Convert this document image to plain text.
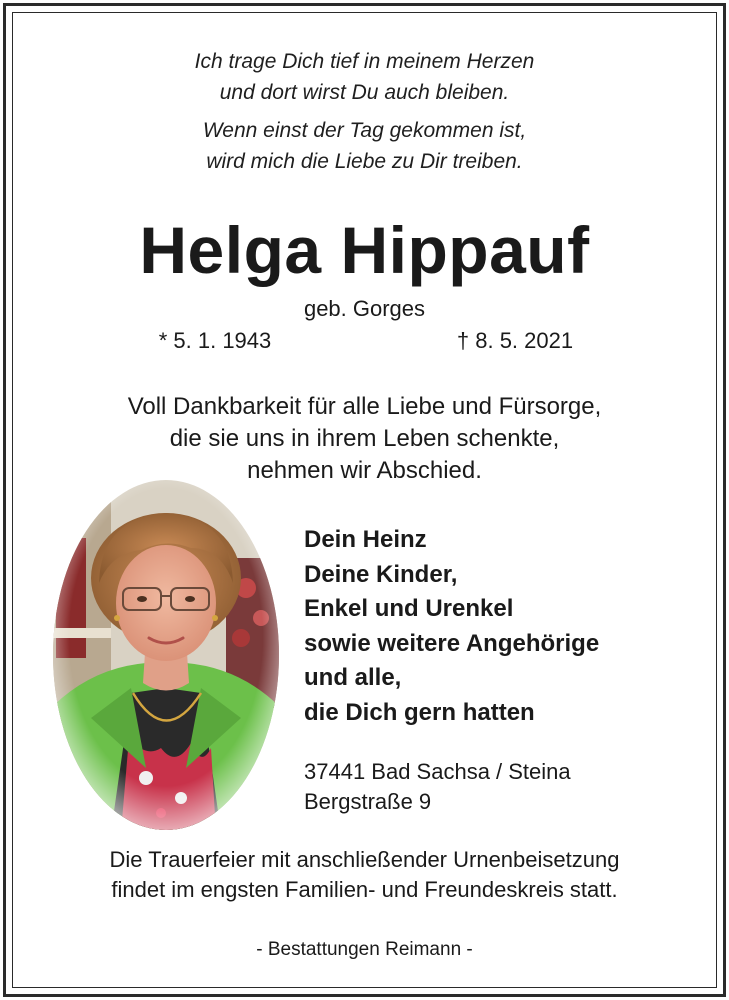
Ich trage Dich tief in meinem Herzen
und dort wirst Du auch bleiben.
Wenn einst der Tag gekommen ist,
wird mich die Liebe zu Dir treiben.
Helga Hippauf
geb. Gorges
* 5. 1. 1943	† 8. 5. 2021
Voll Dankbarkeit für alle Liebe und Fürsorge,
die sie uns in ihrem Leben schenkte,
nehmen wir Abschied.
Dein Heinz
Deine Kinder,
Enkel und Urenkel
sowie weitere Angehörige
und alle,
die Dich gern hatten
37441 Bad Sachsa / Steina
Bergstraße 9
Die Trauerfeier mit anschließender Urnenbeisetzung
findet im engsten Familien- und Freundeskreis statt.
- Bestattungen Reimann -
